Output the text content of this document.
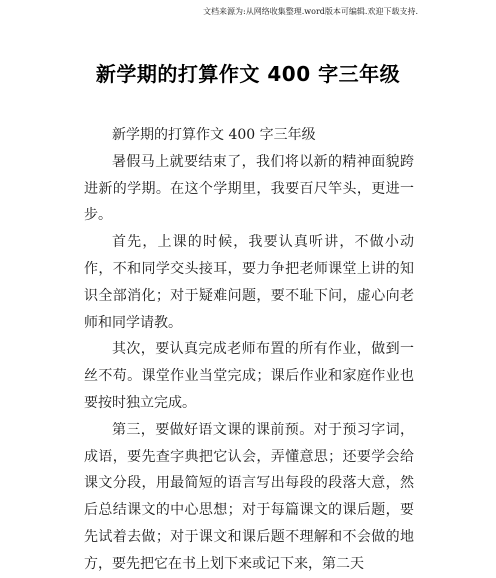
文档来源为:从网络收集整理.word版本可编辑.欢迎下载支持.
新学期的打算作文 400 字三年级

新学期的打算作文 400 字三年级

暑假马上就要结束了，我们将以新的精神面貌跨进新的学期。在这个学期里，我要百尺竿头，更进一步。

首先，上课的时候，我要认真听讲，不做小动作，不和同学交头接耳，要力争把老师课堂上讲的知识全部消化；对于疑难问题，要不耻下问，虚心向老师和同学请教。

其次，要认真完成老师布置的所有作业，做到一丝不苟。课堂作业当堂完成；课后作业和家庭作业也要按时独立完成。

第三，要做好语文课的课前预。对于预习字词，成语，要先查字典把它认会，弄懂意思；还要学会给课文分段，用最简短的语言写出每段的段落大意，然后总结课文的中心思想；对于每篇课文的课后题，要先试着去做；对于课文和课后题不理解和不会做的地方，要先把它在书上划下来或记下来，第二天
